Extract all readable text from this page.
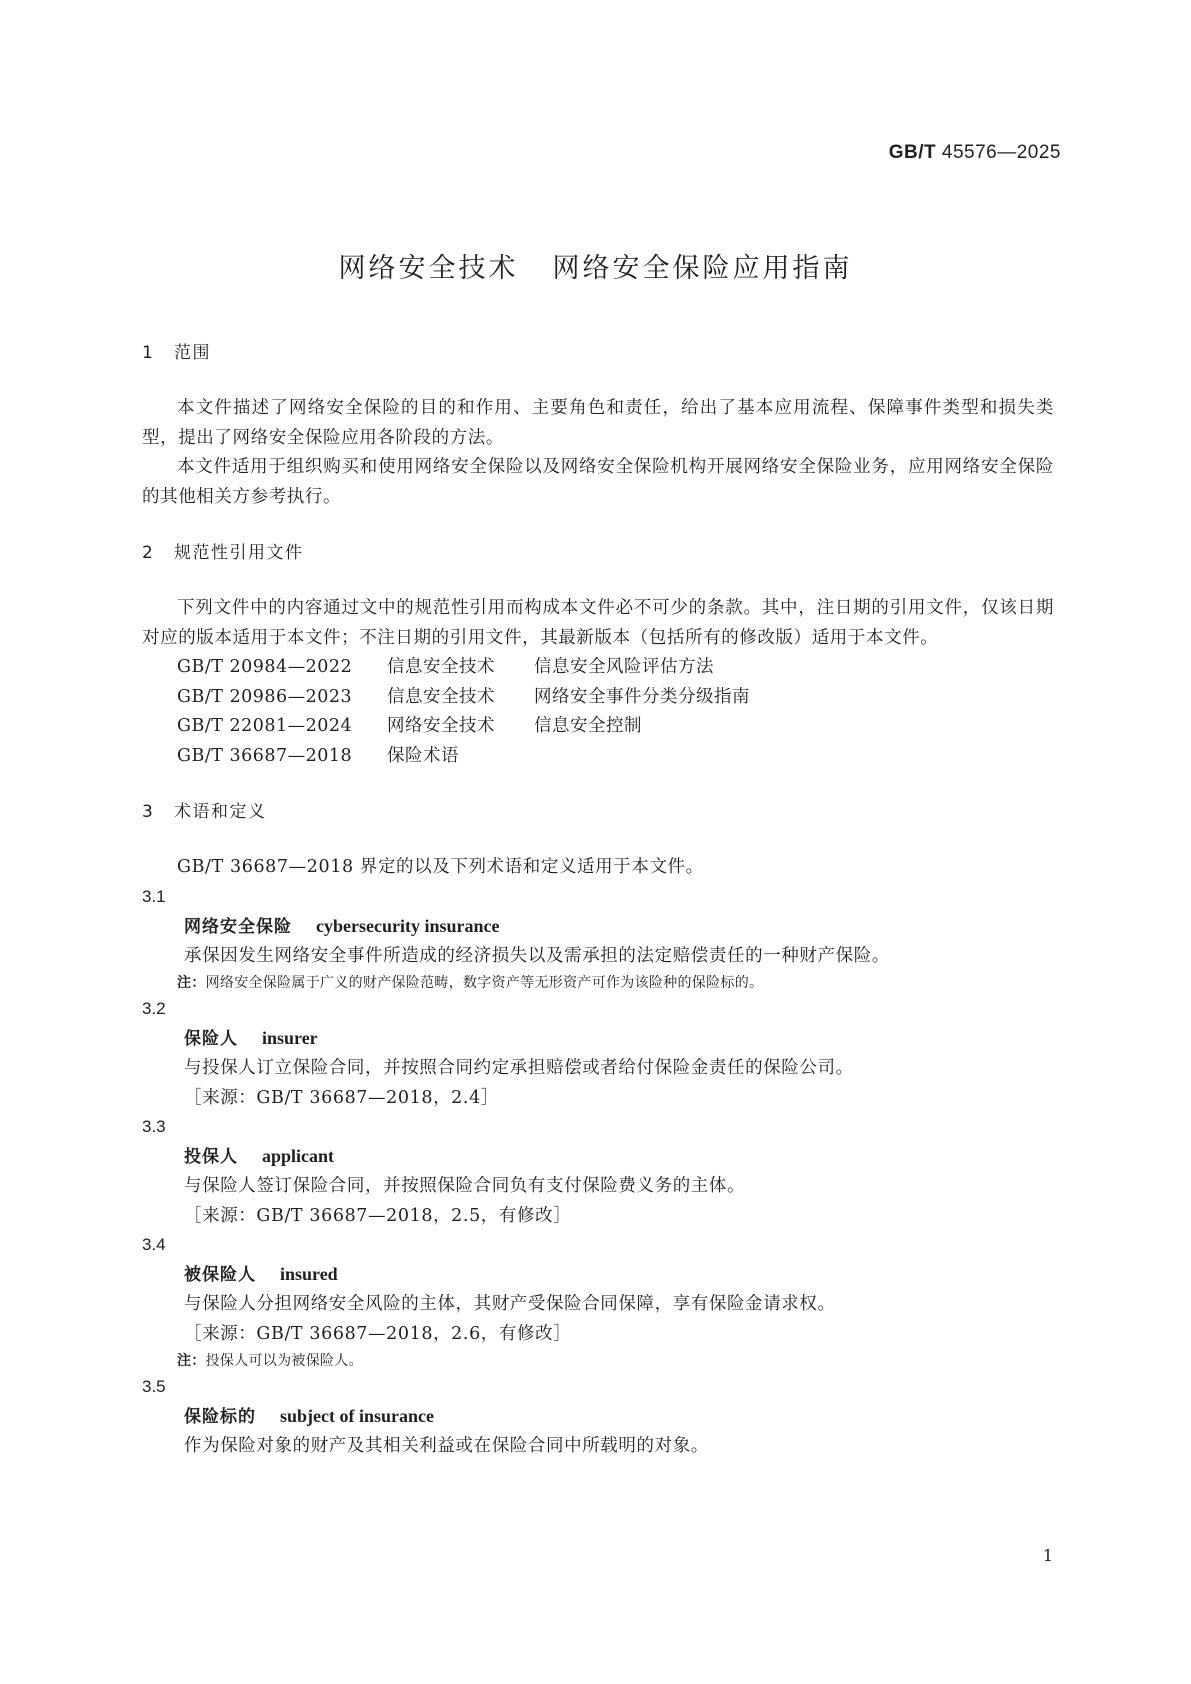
GB/T 45576—2025
网络安全技术 网络安全保险应用指南
1 范围

本文件描述了网络安全保险的目的和作用、主要角色和责任，给出了基本应用流程、保障事件类型和损失类型，提出了网络安全保险应用各阶段的方法。

本文件适用于组织购买和使用网络安全保险以及网络安全保险机构开展网络安全保险业务，应用网络安全保险的其他相关方参考执行。

2 规范性引用文件

下列文件中的内容通过文中的规范性引用而构成本文件必不可少的条款。其中，注日期的引用文件，仅该日期对应的版本适用于本文件；不注日期的引用文件，其最新版本（包括所有的修改版）适用于本文件。

GB/T 20984—2022 信息安全技术 信息安全风险评估方法
GB/T 20986—2023 信息安全技术 网络安全事件分类分级指南
GB/T 22081—2024 网络安全技术 信息安全控制
GB/T 36687—2018 保险术语
3 术语和定义

GB/T 36687—2018 界定的以及下列术语和定义适用于本文件。

3.1
网络安全保险 cybersecurity insurance
承保因发生网络安全事件所造成的经济损失以及需承担的法定赔偿责任的一种财产保险。
注：网络安全保险属于广义的财产保险范畴，数字资产等无形资产可作为该险种的保险标的。
3.2
保险人 insurer
与投保人订立保险合同，并按照合同约定承担赔偿或者给付保险金责任的保险公司。
［来源：GB/T 36687—2018，2.4］
3.3
投保人 applicant
与保险人签订保险合同，并按照保险合同负有支付保险费义务的主体。
［来源：GB/T 36687—2018，2.5，有修改］
3.4
被保险人 insured
与保险人分担网络安全风险的主体，其财产受保险合同保障，享有保险金请求权。
［来源：GB/T 36687—2018，2.6，有修改］
注：投保人可以为被保险人。
3.5
保险标的 subject of insurance
作为保险对象的财产及其相关利益或在保险合同中所载明的对象。
1
